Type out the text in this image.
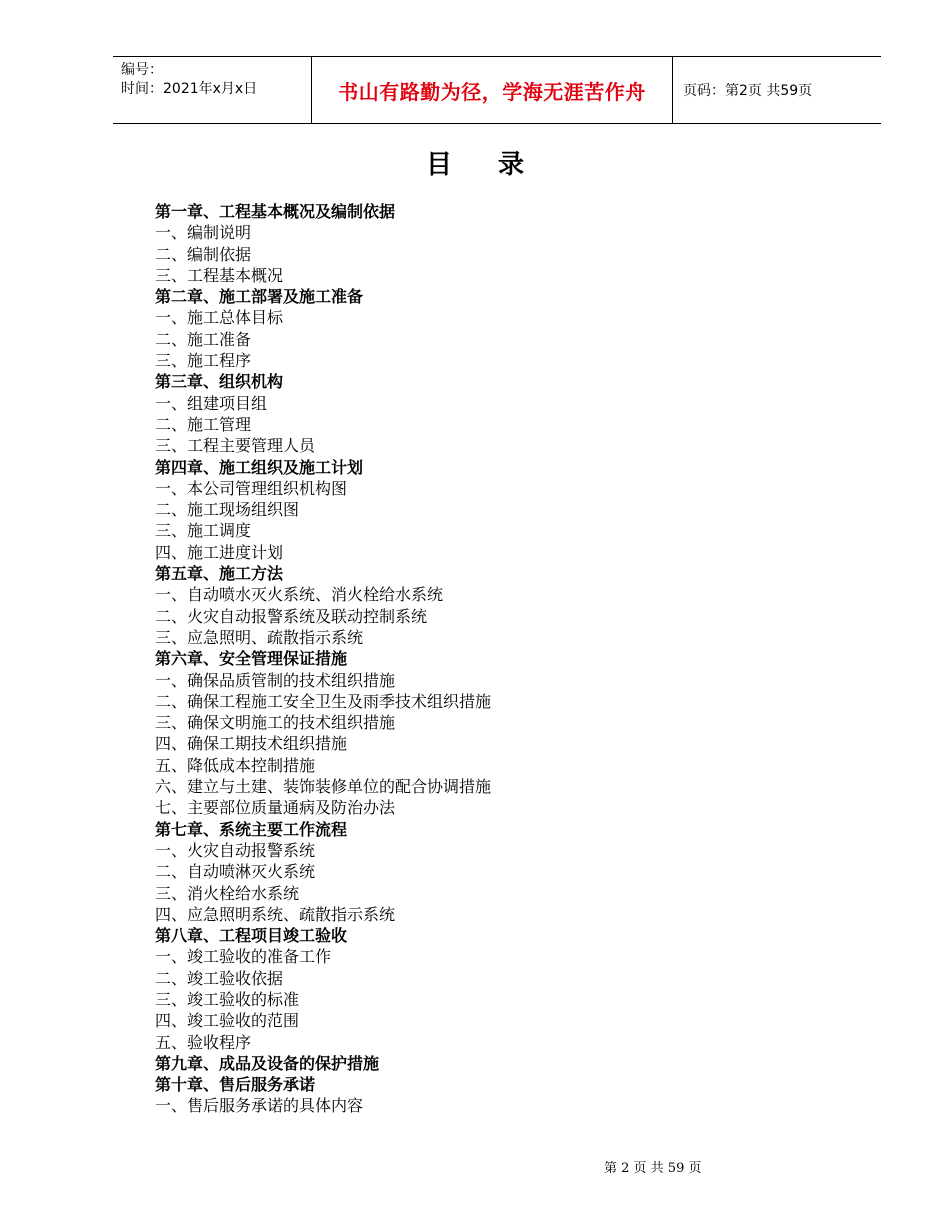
编号：
时间：2021年x月x日	书山有路勤为径，学海无涯苦作舟	页码：第2页 共59页
目录
第一章、工程基本概况及编制依据
一、编制说明
二、编制依据
三、工程基本概况
第二章、施工部署及施工准备
一、施工总体目标
二、施工准备
三、施工程序
第三章、组织机构
一、组建项目组
二、施工管理
三、工程主要管理人员
第四章、施工组织及施工计划
一、本公司管理组织机构图
二、施工现场组织图
三、施工调度
四、施工进度计划
第五章、施工方法
一、自动喷水灭火系统、消火栓给水系统
二、火灾自动报警系统及联动控制系统
三、应急照明、疏散指示系统
第六章、安全管理保证措施
一、确保品质管制的技术组织措施
二、确保工程施工安全卫生及雨季技术组织措施
三、确保文明施工的技术组织措施
四、确保工期技术组织措施
五、降低成本控制措施
六、建立与土建、装饰装修单位的配合协调措施
七、主要部位质量通病及防治办法
第七章、系统主要工作流程
一、火灾自动报警系统
二、自动喷淋灭火系统
三、消火栓给水系统
四、应急照明系统、疏散指示系统
第八章、工程项目竣工验收
一、竣工验收的准备工作
二、竣工验收依据
三、竣工验收的标准
四、竣工验收的范围
五、验收程序
第九章、成品及设备的保护措施
第十章、售后服务承诺
一、售后服务承诺的具体内容
第 2 页 共 59 页
